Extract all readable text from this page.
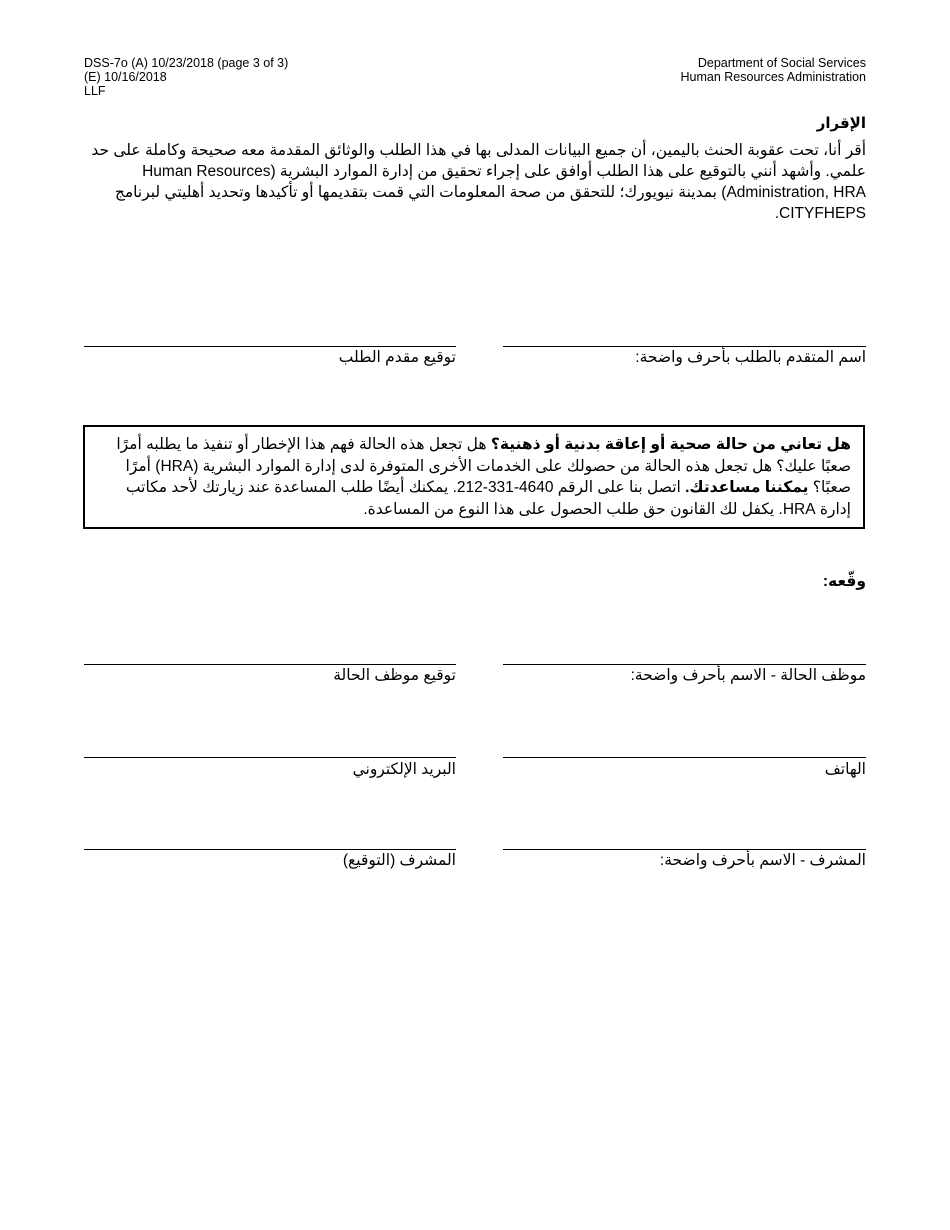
DSS-7o (A) 10/23/2018 (page 3 of 3)
(E) 10/16/2018
LLF
Department of Social Services
Human Resources Administration
الإقرار
أقر أنا، تحت عقوبة الحنث باليمين، أن جميع البيانات المدلى بها في هذا الطلب والوثائق المقدمة معه صحيحة وكاملة على حد علمي. وأشهد أنني بالتوقيع على هذا الطلب أوافق على إجراء تحقيق من إدارة الموارد البشرية (Human Resources Administration, HRA) بمدينة نيويورك؛ للتحقق من صحة المعلومات التي قمت بتقديمها أو تأكيدها وتحديد أهليتي لبرنامج CITYFHEPS.
توقيع مقدم الطلب	اسم المتقدم بالطلب بأحرف واضحة:
هل تعاني من حالة صحية أو إعاقة بدنية أو ذهنية؟ هل تجعل هذه الحالة فهم هذا الإخطار أو تنفيذ ما يطلبه أمرًا صعبًا عليك؟ هل تجعل هذه الحالة من حصولك على الخدمات الأخرى المتوفرة لدى إدارة الموارد البشرية (HRA) أمرًا صعبًا؟ يمكننا مساعدتك. اتصل بنا على الرقم 4640-331-212. يمكنك أيضًا طلب المساعدة عند زيارتك لأحد مكاتب إدارة HRA. يكفل لك القانون حق طلب الحصول على هذا النوع من المساعدة.
وقّعه:
توقيع موظف الحالة	موظف الحالة - الاسم بأحرف واضحة:
البريد الإلكتروني	الهاتف
المشرف (التوقيع)	المشرف - الاسم بأحرف واضحة:
